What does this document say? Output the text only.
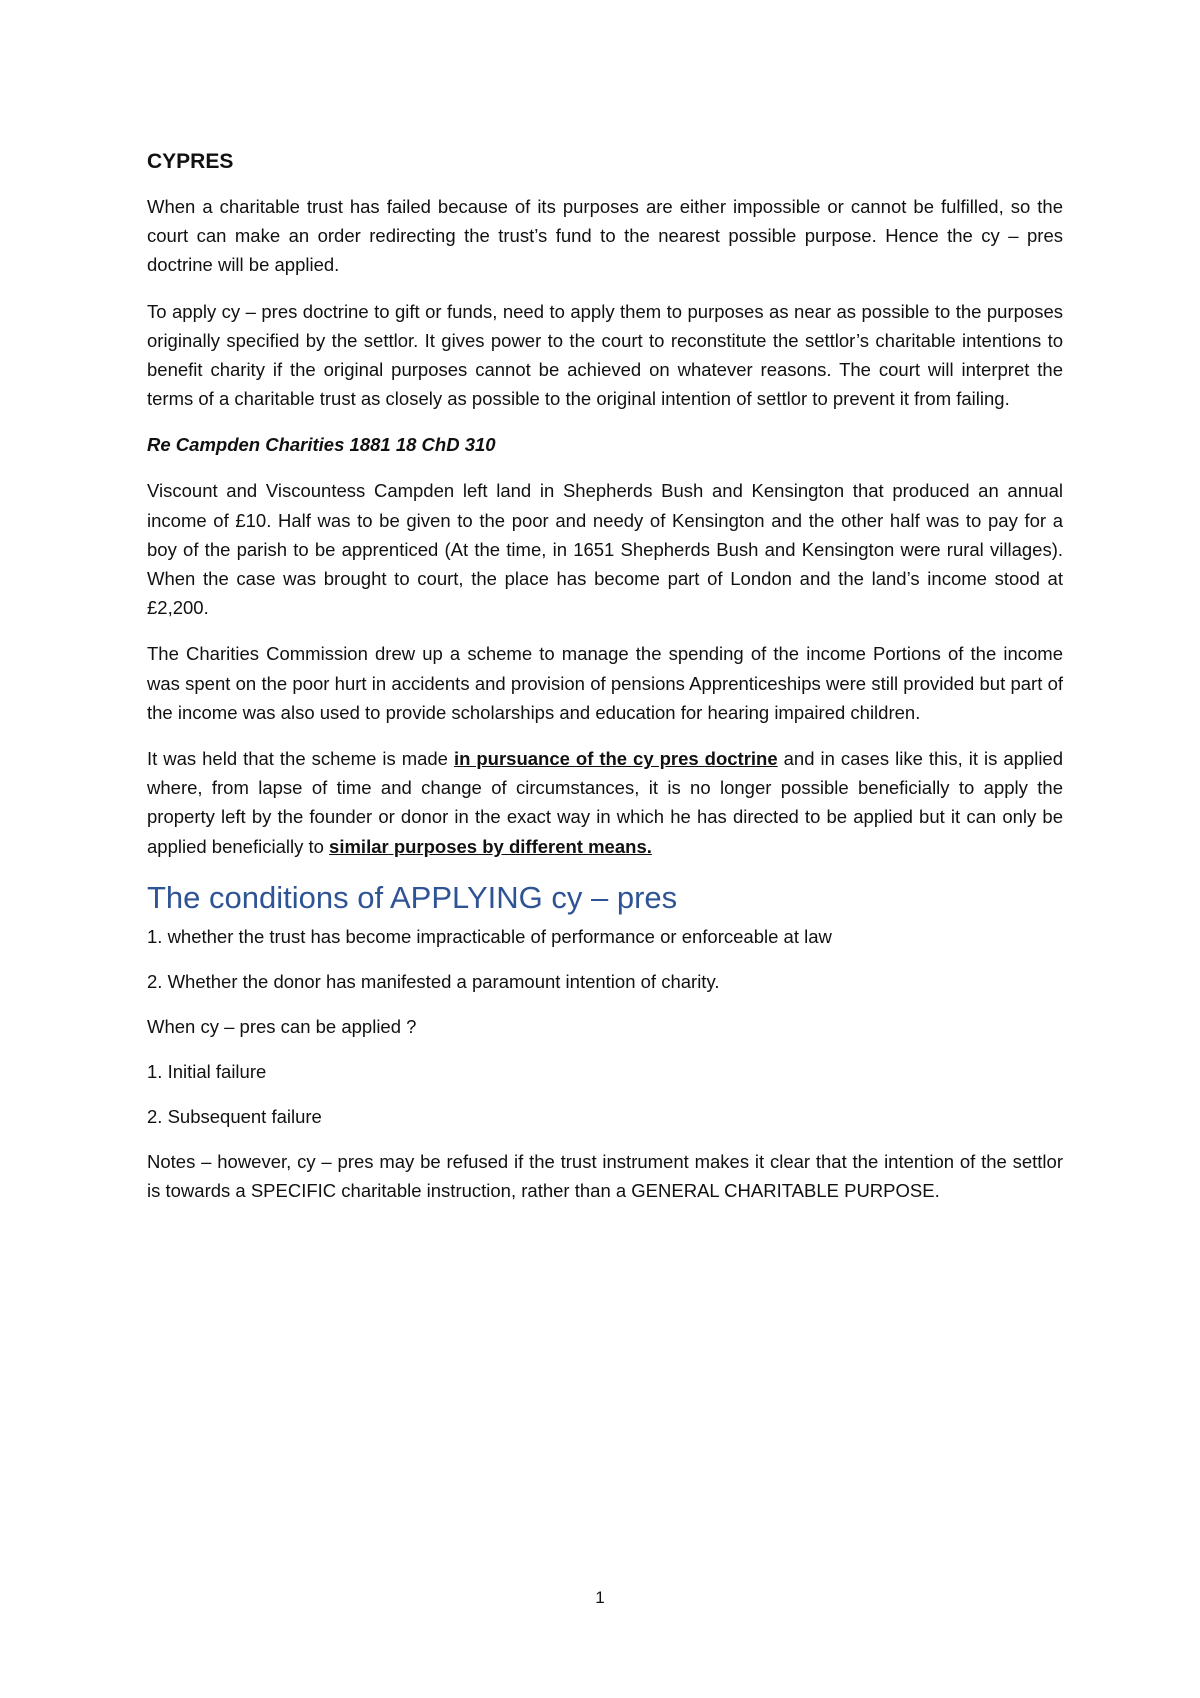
CYPRES

When a charitable trust has failed because of its purposes are either impossible or cannot be fulfilled, so the court can make an order redirecting the trust’s fund to the nearest possible purpose. Hence the cy – pres doctrine will be applied.

To apply cy – pres doctrine to gift or funds, need to apply them to purposes as near as possible to the purposes originally specified by the settlor. It gives power to the court to reconstitute the settlor’s charitable intentions to benefit charity if the original purposes cannot be achieved on whatever reasons. The court will interpret the terms of a charitable trust as closely as possible to the original intention of settlor to prevent it from failing.

Re Campden Charities 1881 18 ChD 310

Viscount and Viscountess Campden left land in Shepherds Bush and Kensington that produced an annual income of £10. Half was to be given to the poor and needy of Kensington and the other half was to pay for a boy of the parish to be apprenticed (At the time, in 1651 Shepherds Bush and Kensington were rural villages). When the case was brought to court, the place has become part of London and the land’s income stood at £2,200.

The Charities Commission drew up a scheme to manage the spending of the income Portions of the income was spent on the poor hurt in accidents and provision of pensions Apprenticeships were still provided but part of the income was also used to provide scholarships and education for hearing impaired children.

It was held that the scheme is made in pursuance of the cy pres doctrine and in cases like this, it is applied where, from lapse of time and change of circumstances, it is no longer possible beneficially to apply the property left by the founder or donor in the exact way in which he has directed to be applied but it can only be applied beneficially to similar purposes by different means.

The conditions of APPLYING cy – pres

1. whether the trust has become impracticable of performance or enforceable at law

2. Whether the donor has manifested a paramount intention of charity.

When cy – pres can be applied ?

1. Initial failure

2. Subsequent failure

Notes – however, cy – pres may be refused if the trust instrument makes it clear that the intention of the settlor is towards a SPECIFIC charitable instruction, rather than a GENERAL CHARITABLE PURPOSE.

1
